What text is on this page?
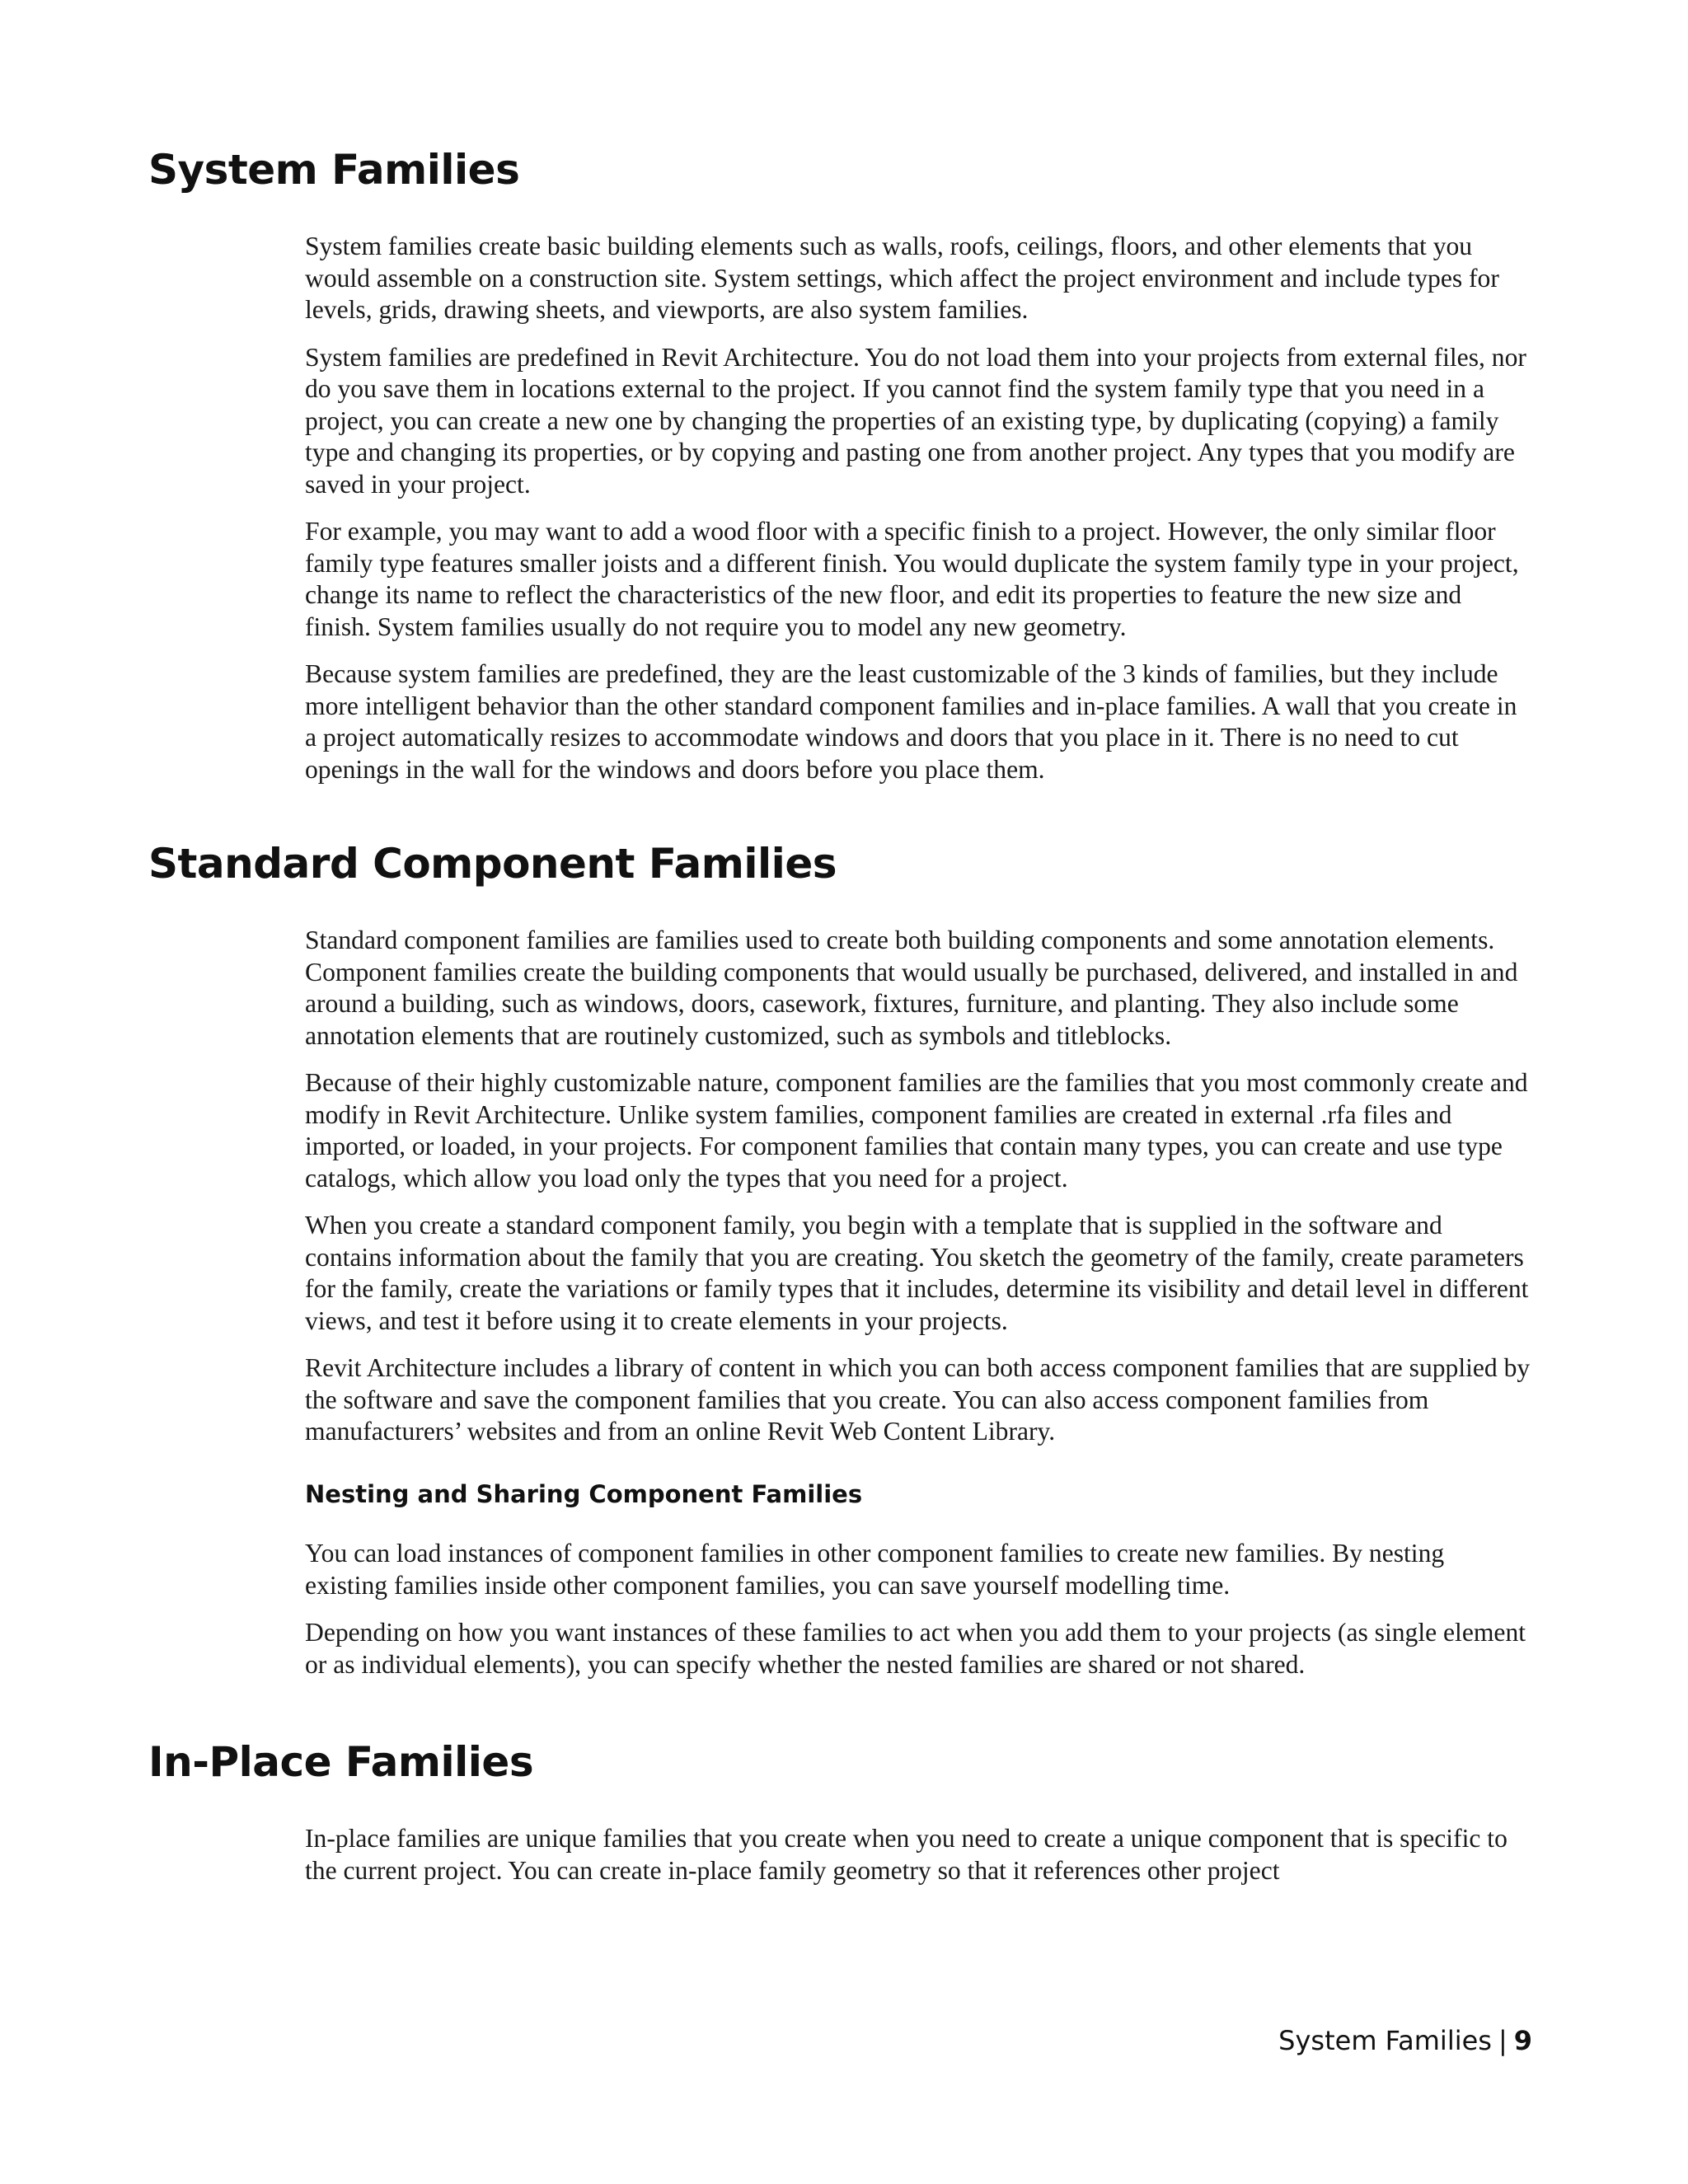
System Families

System families create basic building elements such as walls, roofs, ceilings, floors, and other elements that you would assemble on a construction site. System settings, which affect the project environment and include types for levels, grids, drawing sheets, and viewports, are also system families.

System families are predefined in Revit Architecture. You do not load them into your projects from external files, nor do you save them in locations external to the project. If you cannot find the system family type that you need in a project, you can create a new one by changing the properties of an existing type, by duplicating (copying) a family type and changing its properties, or by copying and pasting one from another project. Any types that you modify are saved in your project.

For example, you may want to add a wood floor with a specific finish to a project. However, the only similar floor family type features smaller joists and a different finish. You would duplicate the system family type in your project, change its name to reflect the characteristics of the new floor, and edit its properties to feature the new size and finish. System families usually do not require you to model any new geometry.

Because system families are predefined, they are the least customizable of the 3 kinds of families, but they include more intelligent behavior than the other standard component families and in-place families. A wall that you create in a project automatically resizes to accommodate windows and doors that you place in it. There is no need to cut openings in the wall for the windows and doors before you place them.

Standard Component Families

Standard component families are families used to create both building components and some annotation elements. Component families create the building components that would usually be purchased, delivered, and installed in and around a building, such as windows, doors, casework, fixtures, furniture, and planting. They also include some annotation elements that are routinely customized, such as symbols and titleblocks.

Because of their highly customizable nature, component families are the families that you most commonly create and modify in Revit Architecture. Unlike system families, component families are created in external .rfa files and imported, or loaded, in your projects. For component families that contain many types, you can create and use type catalogs, which allow you load only the types that you need for a project.

When you create a standard component family, you begin with a template that is supplied in the software and contains information about the family that you are creating. You sketch the geometry of the family, create parameters for the family, create the variations or family types that it includes, determine its visibility and detail level in different views, and test it before using it to create elements in your projects.

Revit Architecture includes a library of content in which you can both access component families that are supplied by the software and save the component families that you create. You can also access component families from manufacturers’ websites and from an online Revit Web Content Library.

Nesting and Sharing Component Families

You can load instances of component families in other component families to create new families. By nesting existing families inside other component families, you can save yourself modelling time.

Depending on how you want instances of these families to act when you add them to your projects (as single element or as individual elements), you can specify whether the nested families are shared or not shared.

In-Place Families

In-place families are unique families that you create when you need to create a unique component that is specific to the current project. You can create in-place family geometry so that it references other project

System Families | 9
